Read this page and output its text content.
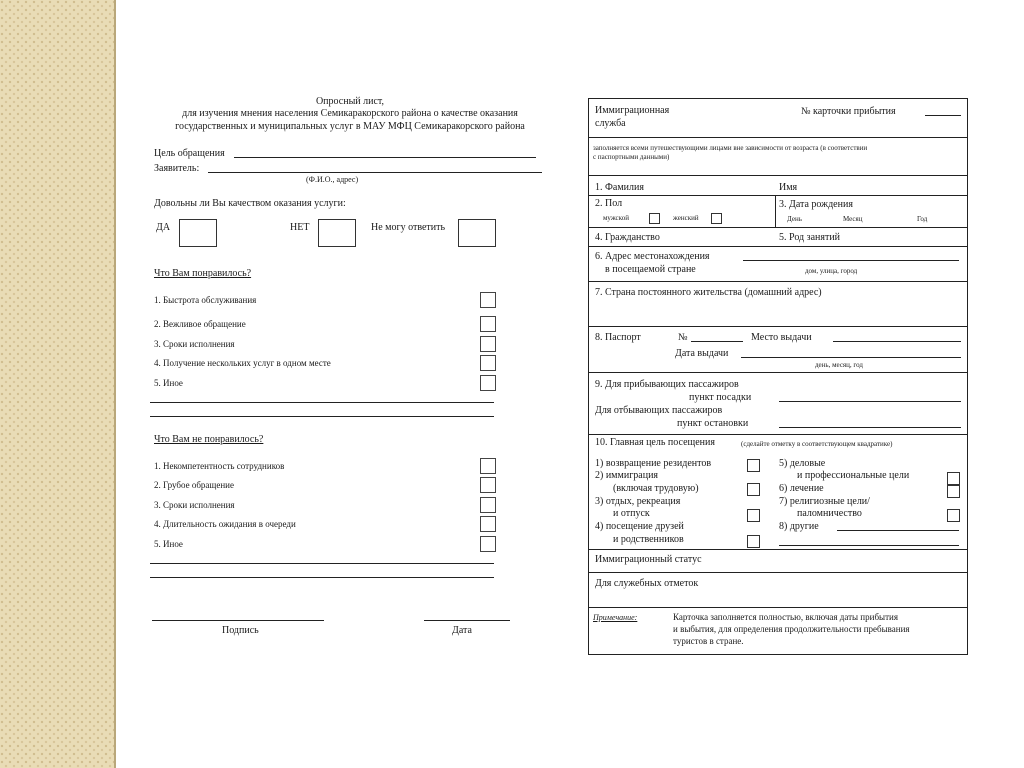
Опросный лист,
для изучения мнения населения Семикаракорского района о качестве оказания
государственных и муниципальных услуг в МАУ МФЦ Семикаракорского района
Цель обращения
Заявитель:
(Ф.И.О., адрес)
Довольны ли Вы качеством оказания услуги:
ДА	НЕТ	Не могу ответить
Что Вам понравилось?
1. Быстрота обслуживания
2. Вежливое обращение
3. Сроки исполнения
4. Получение нескольких услуг в одном месте
5. Иное
Что Вам не понравилось?
1. Некомпетентность сотрудников
2. Грубое обращение
3. Сроки исполнения
4. Длительность ожидания в очереди
5. Иное
Подпись	Дата
Иммиграционная
служба
№ карточки прибытия
заполняется всеми путешествующими лицами вне зависимости от возраста (в соответствии
с паспортными данными)
1. Фамилия	Имя
2. Пол
мужской	женский
3. Дата рождения
День	Месяц	Год
4. Гражданство	5. Род занятий
6. Адрес местонахождения
в посещаемой стране	дом, улица, город
7. Страна постоянного жительства (домашний адрес)
8. Паспорт	№	Место выдачи
Дата выдачи
день, месяц, год
9. Для прибывающих пассажиров
пункт посадки
Для отбывающих пассажиров
пункт остановки
10. Главная цель посещения	(сделайте отметку в соответствующем квадратике)
1) возвращение резидентов
2) иммиграция
(включая трудовую)
3) отдых, рекреация
и отпуск
4) посещение друзей
и родственников
5) деловые
и профессиональные цели
6) лечение
7) религиозные цели/
паломничество
8) другие
Иммиграционный статус
Для служебных отметок
Примечание:	Карточка заполняется полностью, включая даты прибытия
и выбытия, для определения продолжительности пребывания
туристов в стране.
